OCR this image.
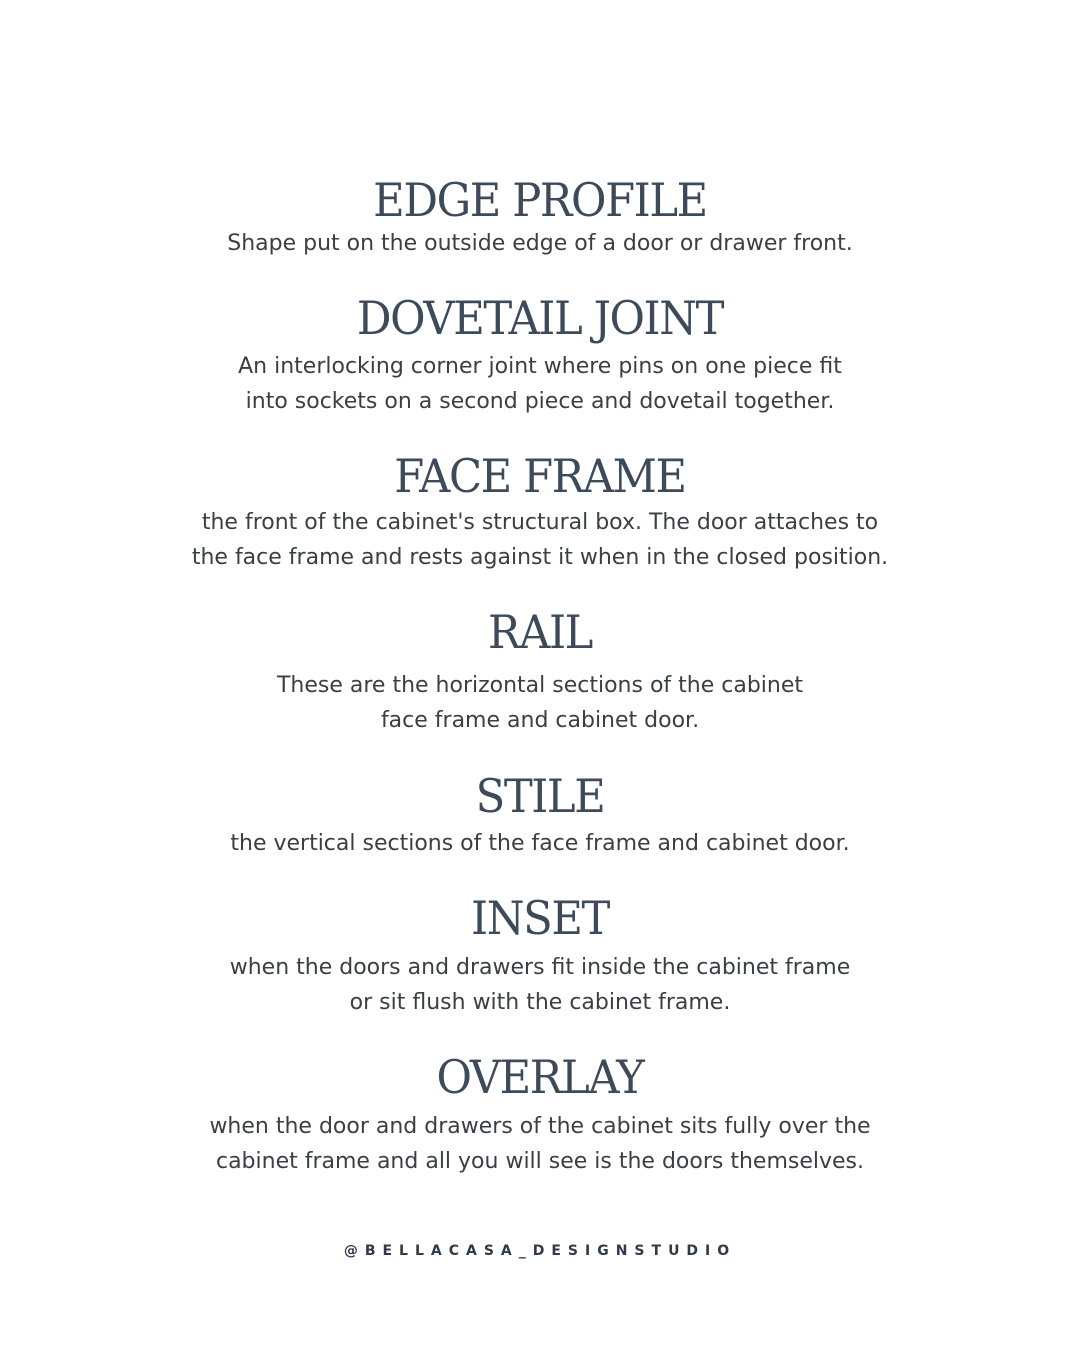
EDGE PROFILE

Shape put on the outside edge of a door or drawer front.

DOVETAIL JOINT

An interlocking corner joint where pins on one piece fit
into sockets on a second piece and dovetail together.

FACE FRAME

the front of the cabinet's structural box. The door attaches to
the face frame and rests against it when in the closed position.

RAIL

These are the horizontal sections of the cabinet
face frame and cabinet door.

STILE

the vertical sections of the face frame and cabinet door.

INSET

when the doors and drawers fit inside the cabinet frame
or sit flush with the cabinet frame.

OVERLAY

when the door and drawers of the cabinet sits fully over the
cabinet frame and all you will see is the doors themselves.

@BELLACASA_DESIGNSTUDIO
